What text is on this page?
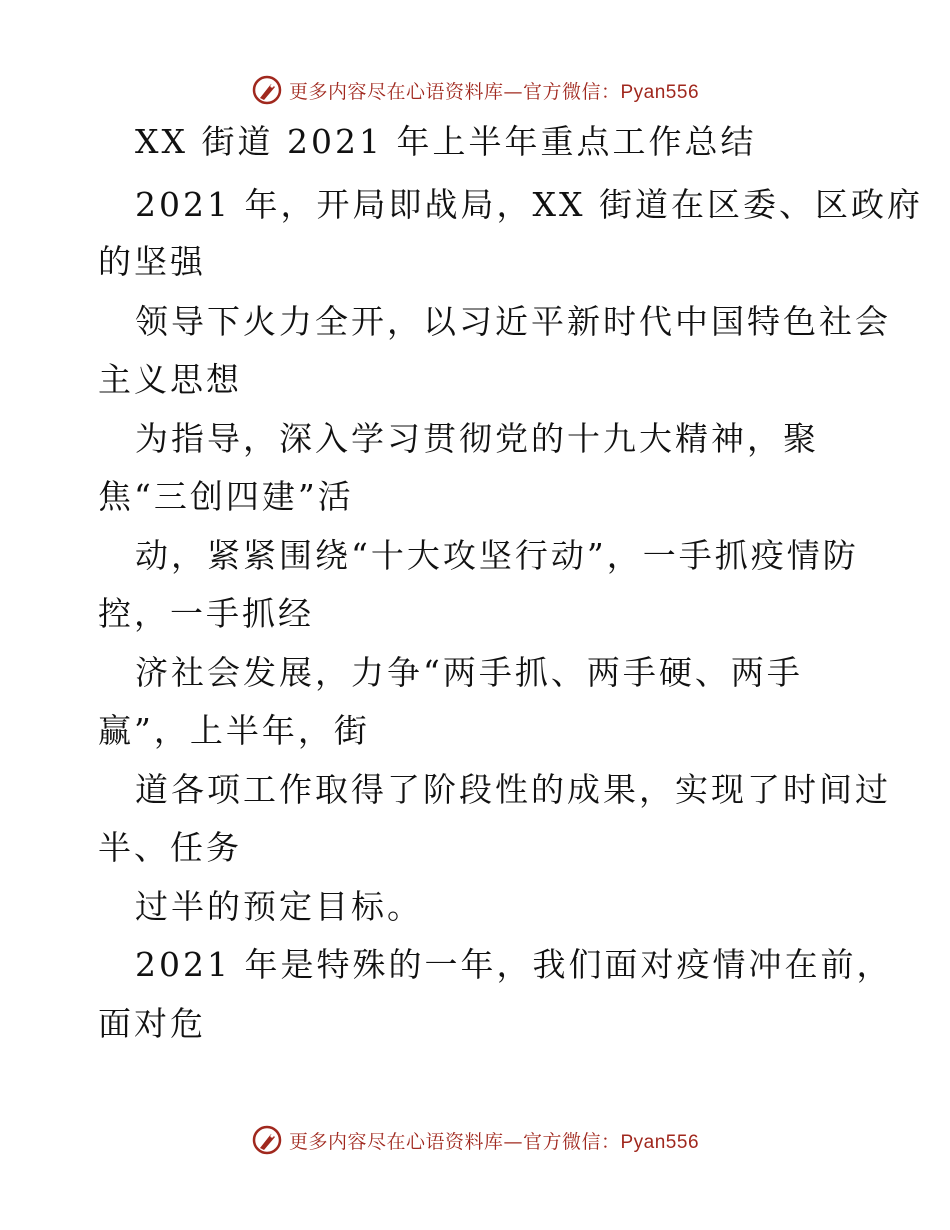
更多内容尽在心语资料库—官方微信：Pyan556
XX 街道 2021 年上半年重点工作总结
2021 年，开局即战局，XX 街道在区委、区政府
的坚强
领导下火力全开，以习近平新时代中国特色社会
主义思想
为指导，深入学习贯彻党的十九大精神，聚
焦“三创四建”活
动，紧紧围绕“十大攻坚行动”，一手抓疫情防
控，一手抓经
济社会发展，力争“两手抓、两手硬、两手
赢”，上半年，街
道各项工作取得了阶段性的成果，实现了时间过
半、任务
过半的预定目标。
2021 年是特殊的一年，我们面对疫情冲在前，
面对危
更多内容尽在心语资料库—官方微信：Pyan556
